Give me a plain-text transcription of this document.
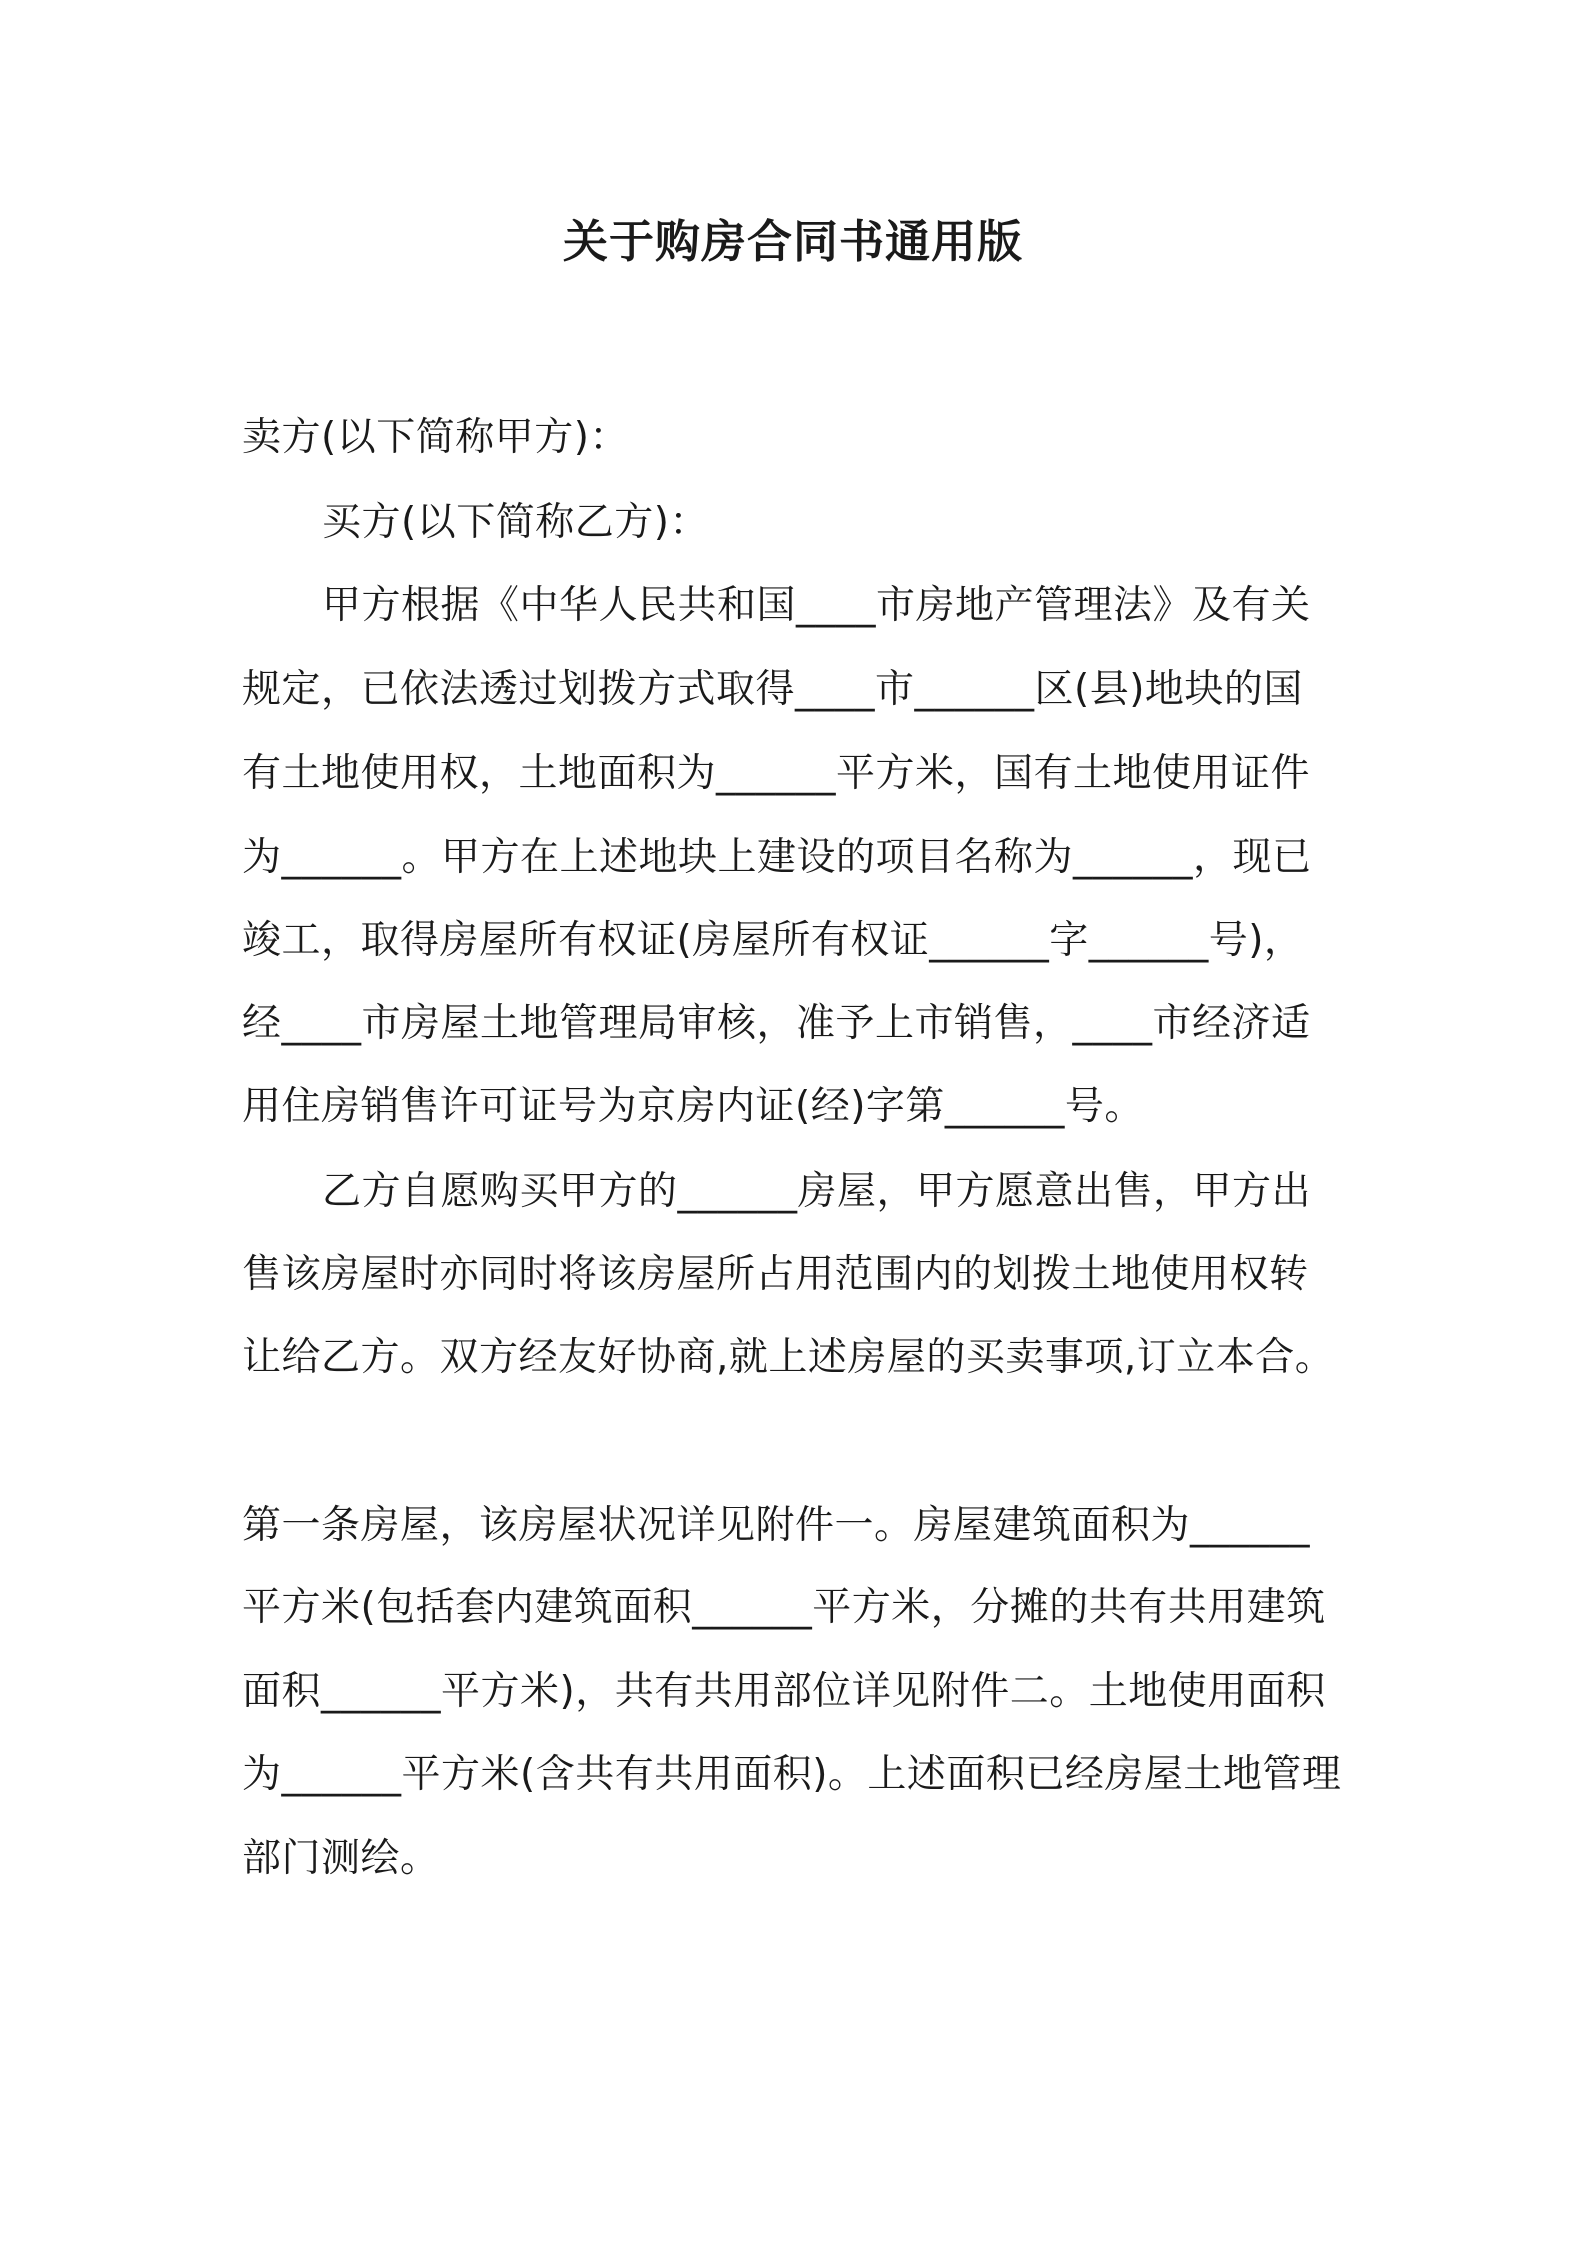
关于购房合同书通用版
卖方(以下简称甲方)：
买方(以下简称乙方)：
甲方根据《中华人民共和国____市房地产管理法》及有关
规定，已依法透过划拨方式取得____市______区(县)地块的国
有土地使用权，土地面积为______平方米，国有土地使用证件
为______。甲方在上述地块上建设的项目名称为______，现已
竣工，取得房屋所有权证(房屋所有权证______字______号)，
经____市房屋土地管理局审核，准予上市销售，____市经济适
用住房销售许可证号为京房内证(经)字第______号。
乙方自愿购买甲方的______房屋，甲方愿意出售，甲方出
售该房屋时亦同时将该房屋所占用范围内的划拨土地使用权转
让给乙方。双方经友好协商,就上述房屋的买卖事项,订立本合。
第一条房屋，该房屋状况详见附件一。房屋建筑面积为______
平方米(包括套内建筑面积______平方米，分摊的共有共用建筑
面积______平方米)，共有共用部位详见附件二。土地使用面积
为______平方米(含共有共用面积)。上述面积已经房屋土地管理
部门测绘。
